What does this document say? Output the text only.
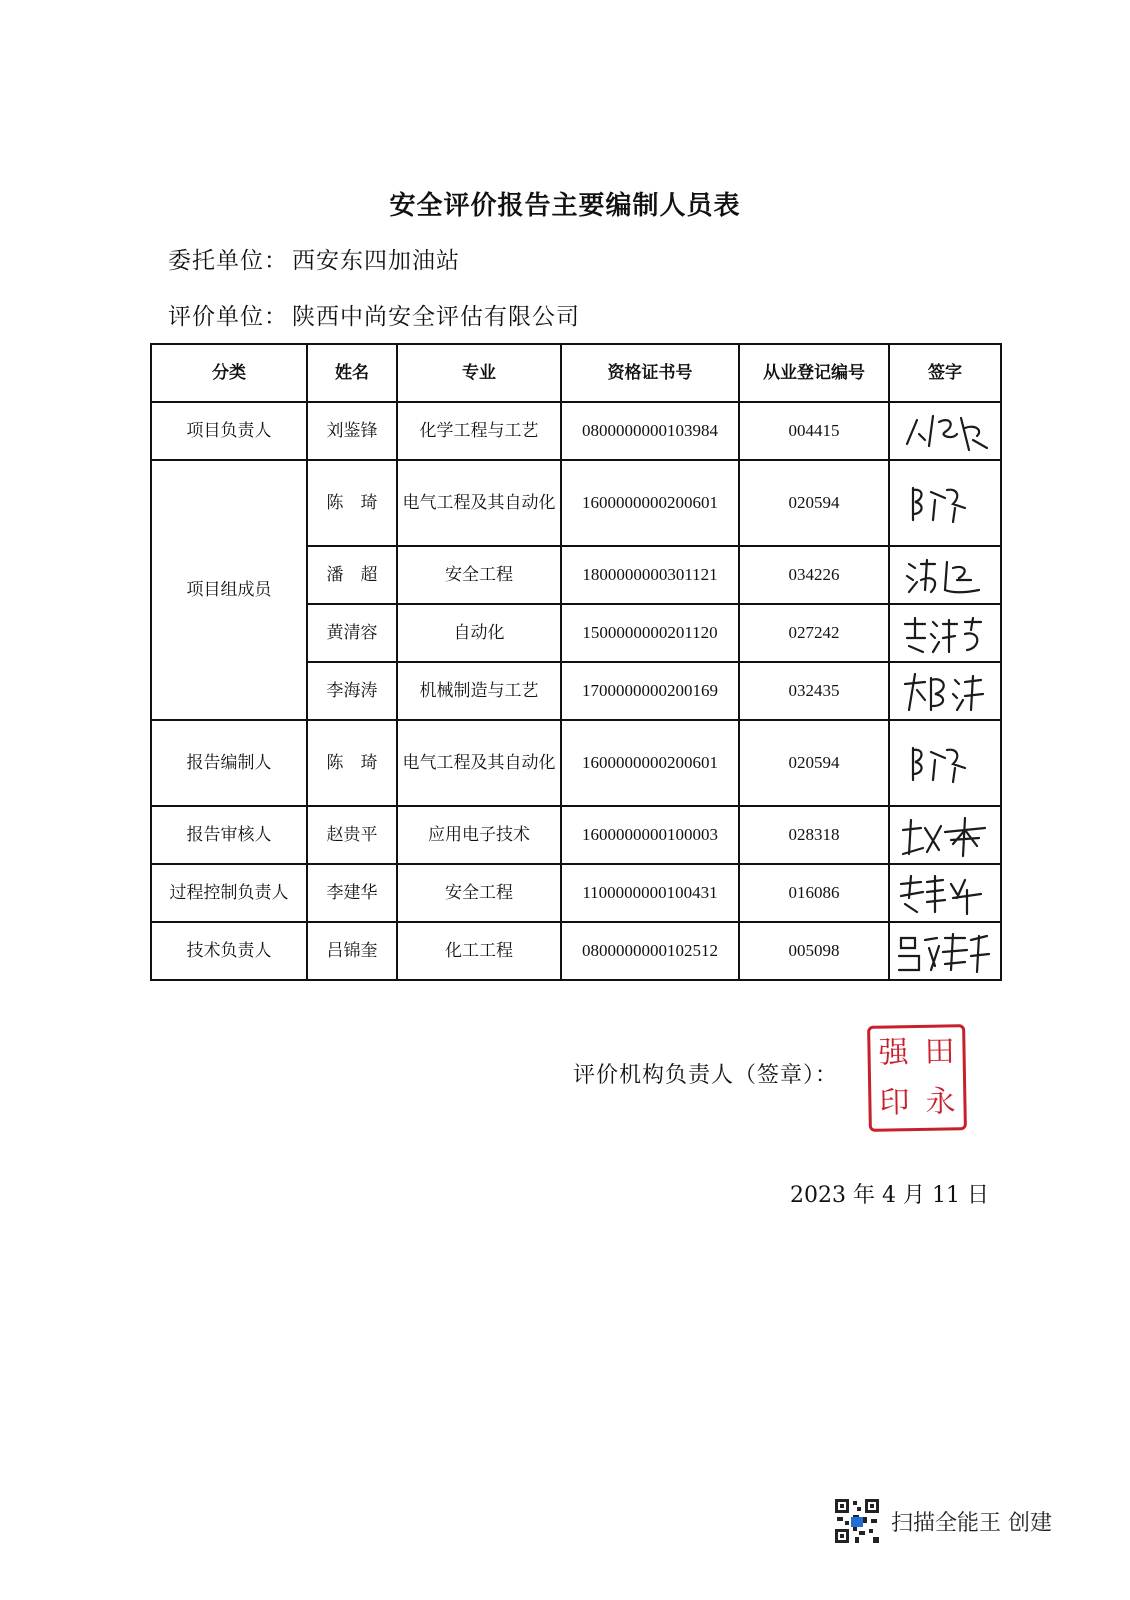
安全评价报告主要编制人员表
委托单位： 西安东四加油站
评价单位： 陕西中尚安全评估有限公司
分类	姓名	专业	资格证书号	从业登记编号	签字
项目负责人	刘鉴锋	化学工程与工艺	0800000000103984	004415	

项目组成员	陈　琦	电气工程及其自动化	1600000000200601	020594	

	潘　超	安全工程	1800000000301121	034226	

	黄清容	自动化	1500000000201120	027242	

	李海涛	机械制造与工艺	1700000000200169	032435	

报告编制人	陈　琦	电气工程及其自动化	1600000000200601	020594	

报告审核人	赵贵平	应用电子技术	1600000000100003	028318	

过程控制负责人	李建华	安全工程	1100000000100431	016086	

技术负责人	吕锦奎	化工工程	0800000000102512	005098	
评价机构负责人（签章）：
强 田
印 永
2023 年 4 月 11 日
扫描全能王 创建
